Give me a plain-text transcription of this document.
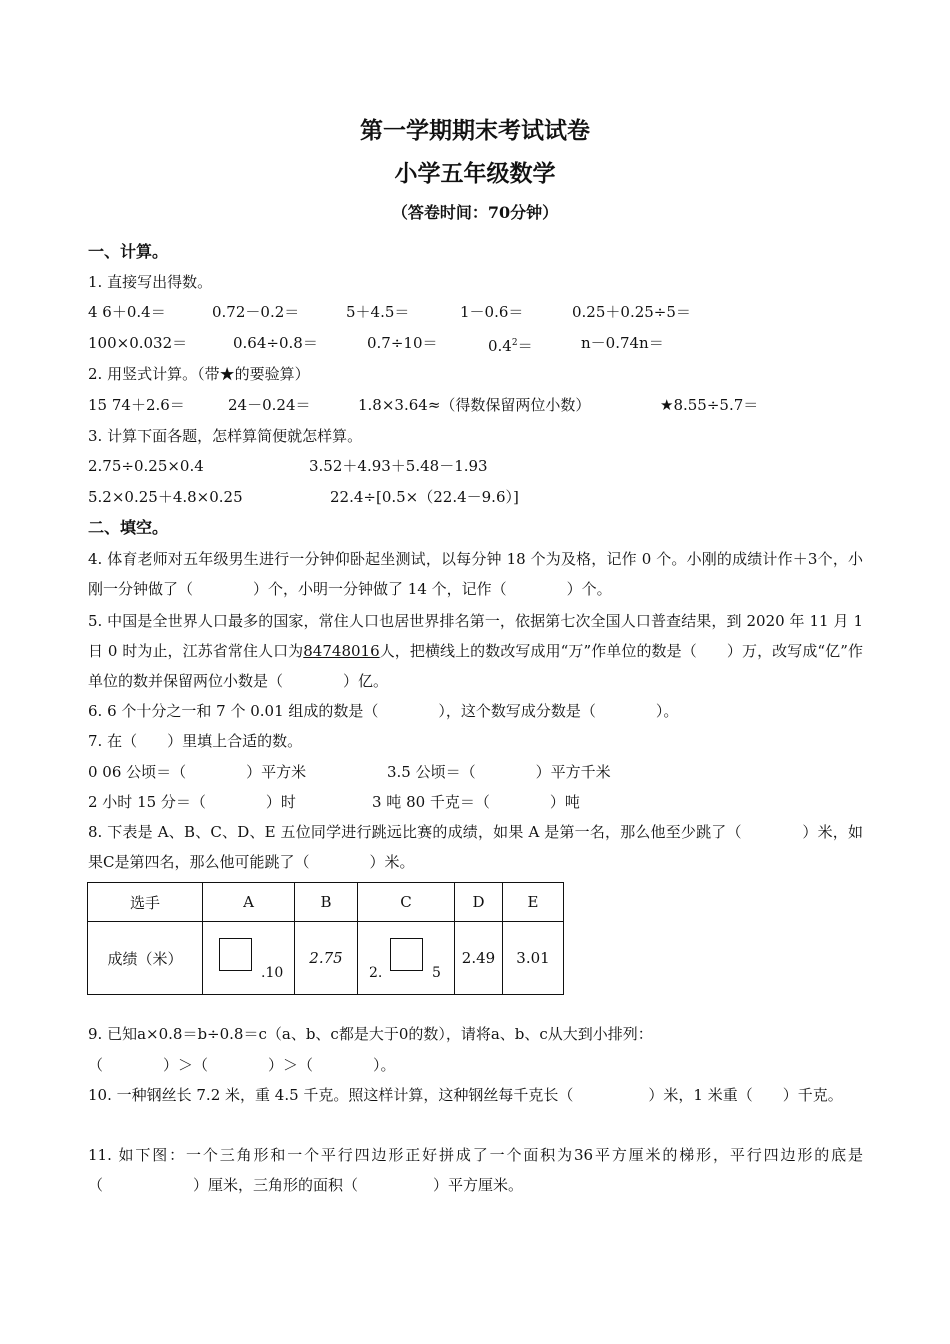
第一学期期末考试试卷
小学五年级数学
（答卷时间：70分钟）
一、计算。
1. 直接写出得数。
4 6＋0.4＝	0.72－0.2＝	5＋4.5＝	1－0.6＝	0.25＋0.25÷5＝
100×0.032＝	0.64÷0.8＝	0.7÷10＝	$0.4^2=$	n－0.74n＝
2. 用竖式计算。（带★的要验算）
15 74＋2.6＝	24－0.24＝	1.8×3.64≈（得数保留两位小数）	★8.55÷5.7＝
3. 计算下面各题，怎样算简便就怎样算。
2.75÷0.25×0.4	3.52＋4.93＋5.48－1.93
5.2×0.25＋4.8×0.25	22.4÷[0.5×（22.4－9.6）]
二、填空。
4. 体育老师对五年级男生进行一分钟仰卧起坐测试，以每分钟 18 个为及格，记作 0 个。小刚的成绩计作＋3个，小刚一分钟做了（　　　　）个，小明一分钟做了 14 个，记作（　　　　）个。
5. 中国是全世界人口最多的国家，常住人口也居世界排名第一，依据第七次全国人口普查结果，到 2020 年 11 月 1 日 0 时为止，江苏省常住人口为84748016人，把横线上的数改写成用“万”作单位的数是（　　）万，改写成“亿”作单位的数并保留两位小数是（　　　　）亿。
6. 6 个十分之一和 7 个 0.01 组成的数是（　　　　），这个数写成分数是（　　　　）。
7. 在（　　）里填上合适的数。
0 06 公顷＝（　　　　）平方米	3.5 公顷＝（　　　　）平方千米
2 小时 15 分＝（　　　　）时	3 吨 80 千克＝（　　　　）吨
8. 下表是 A、B、C、D、E 五位同学进行跳远比赛的成绩，如果 A 是第一名，那么他至少跳了（　　　　）米，如果C是第四名，那么他可能跳了（　　　　）米。
选手	A	B	C	D	E
成绩（米）	.10	2.75	2. 5	2.49	3.01
9. 已知a×0.8＝b÷0.8＝c（a、b、c都是大于0的数），请将a、b、c从大到小排列：
（　　　　）＞（　　　　）＞（　　　　）。
10. 一种钢丝长 7.2 米，重 4.5 千克。照这样计算，这种钢丝每千克长（　　　　　）米，1 米重（　　）千克。
11. 如下图：一个三角形和一个平行四边形正好拼成了一个面积为36平方厘米的梯形，平行四边形的底是（　　　　　　）厘米，三角形的面积（　　　　　）平方厘米。
